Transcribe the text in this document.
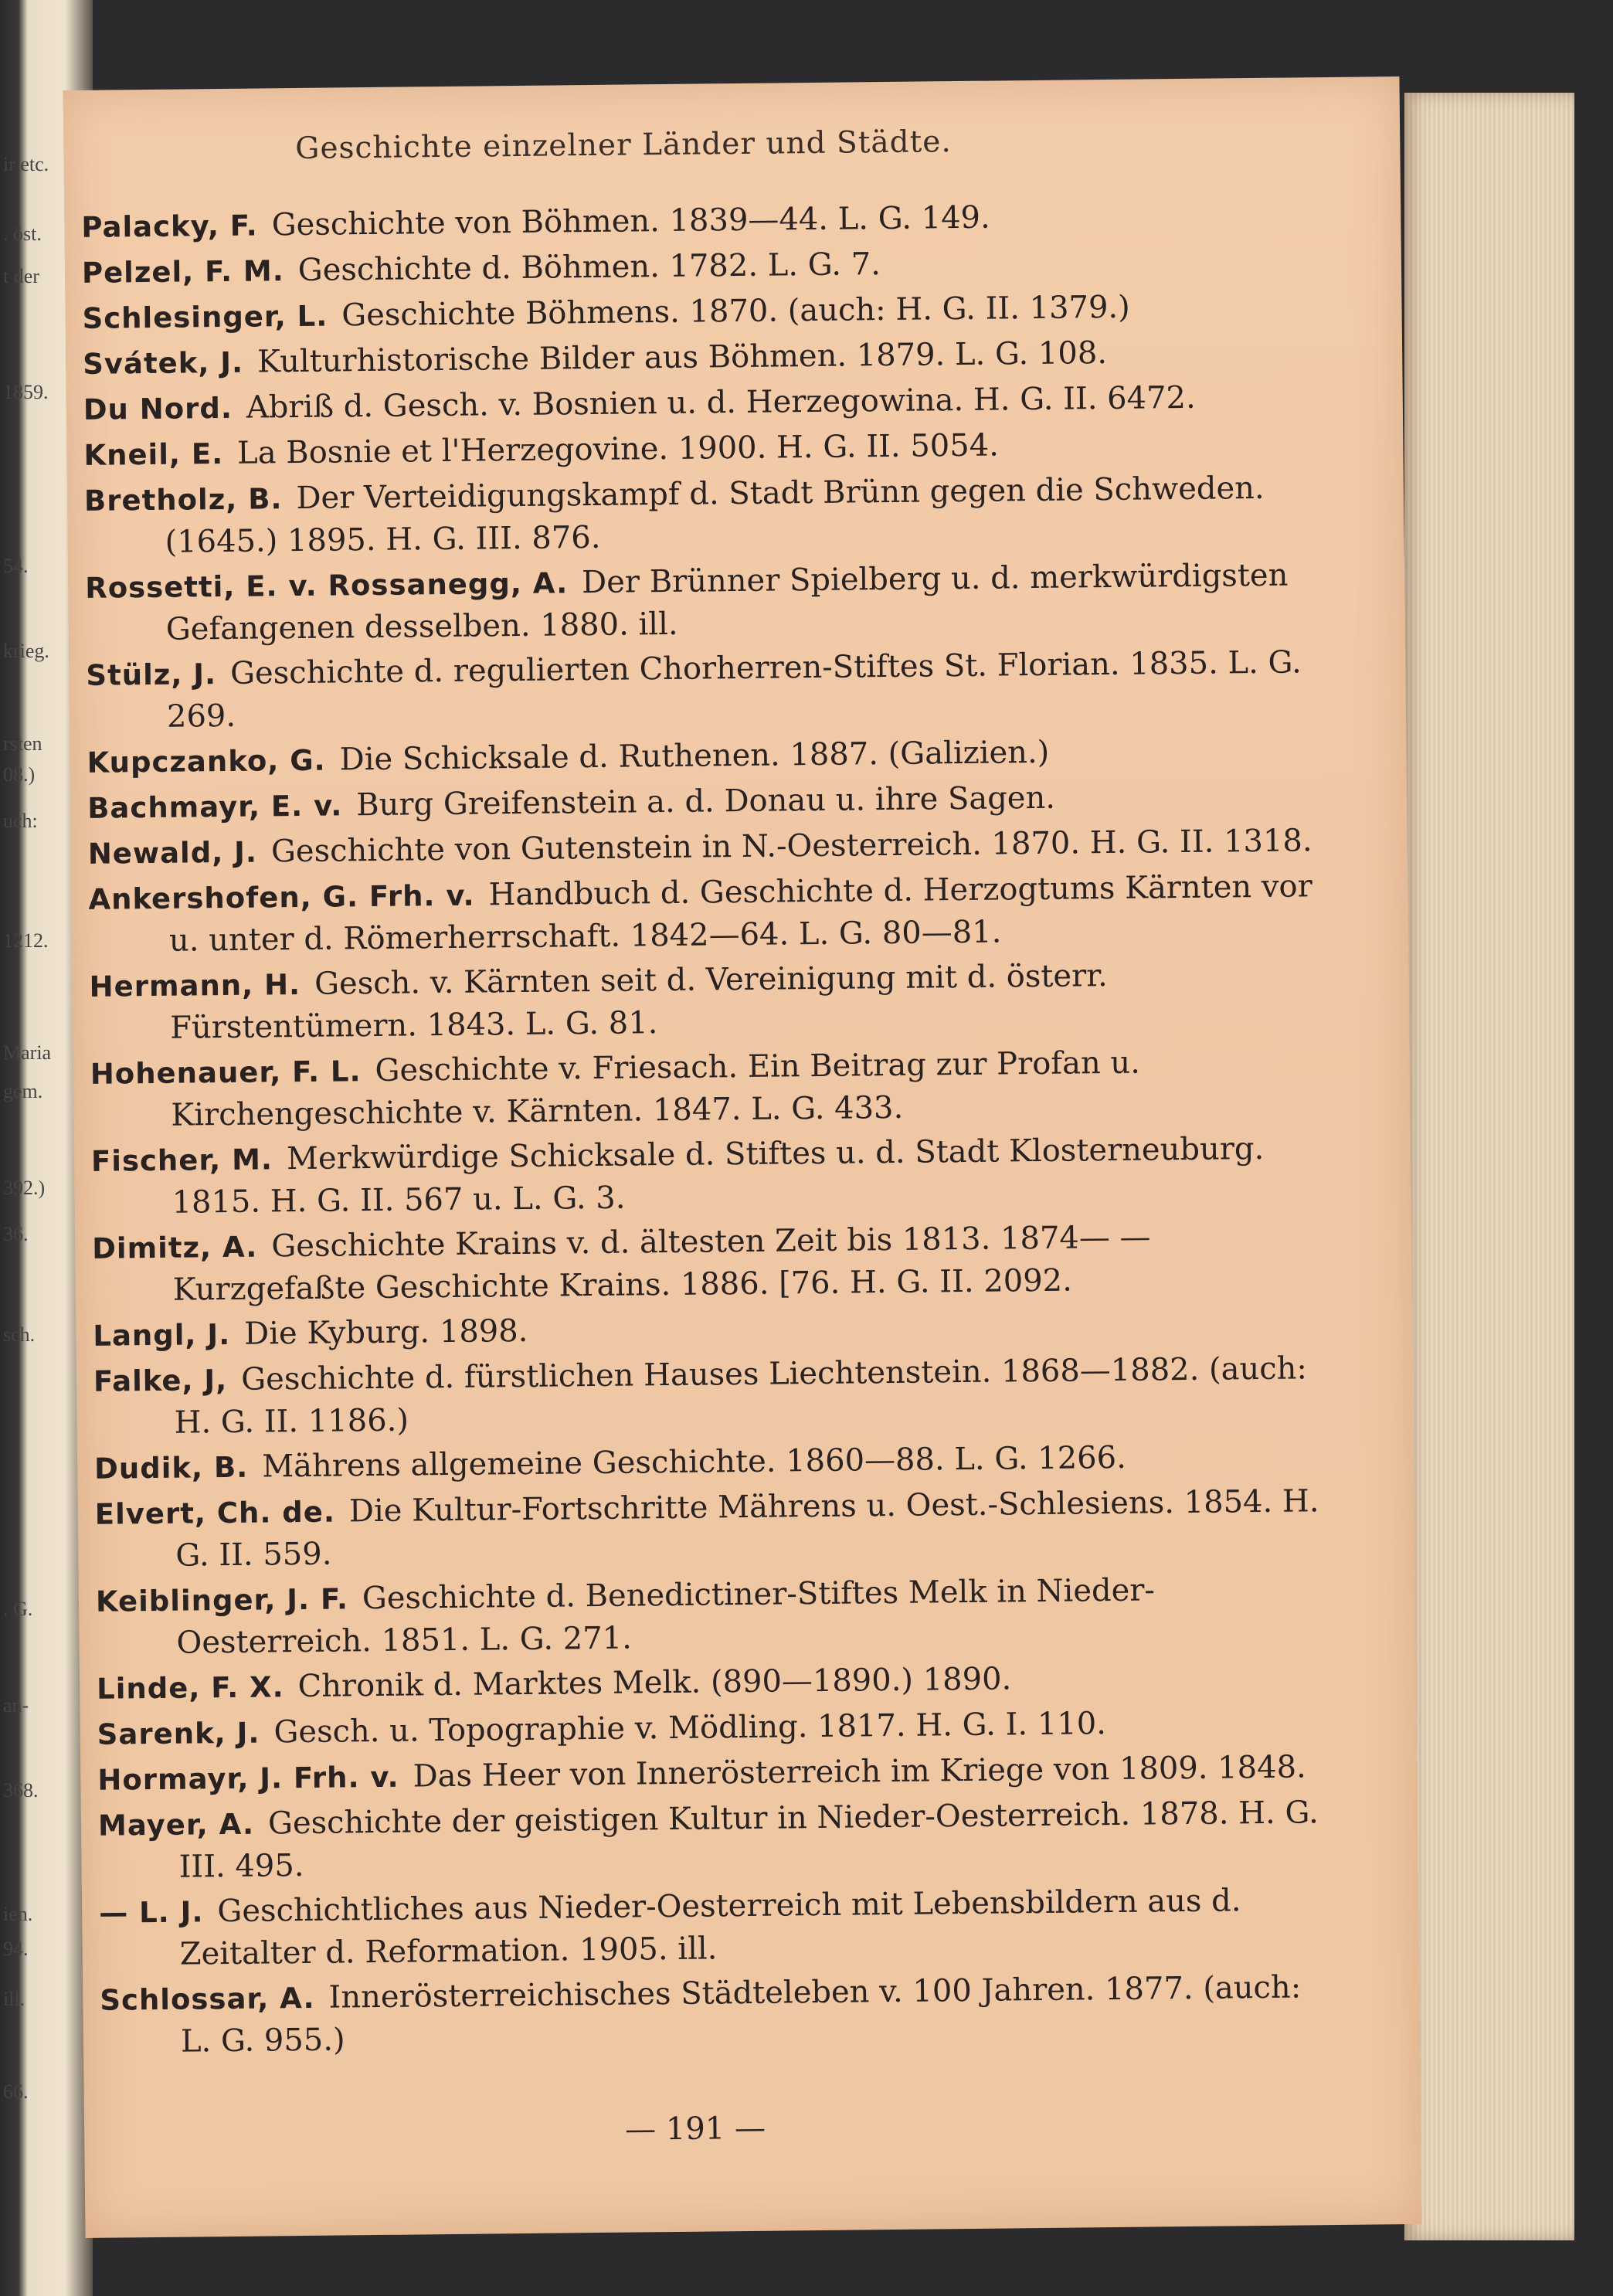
ir etc.
. öst.
t der
1859.
54.
krieg.
rsten
08.)
uch:
1212.
Maria
gem.
392.)
36.
sch.
. G.
an-
368.
ien.
94.
ill.
66.
Geschichte einzelner Länder und Städte.
Palacky, F. Geschichte von Böhmen. 1839—44. L. G. 149.
Pelzel, F. M. Geschichte d. Böhmen. 1782. L. G. 7.
Schlesinger, L. Geschichte Böhmens. 1870. (auch: H. G. II. 1379.)
Svátek, J. Kulturhistorische Bilder aus Böhmen. 1879. L. G. 108.
Du Nord. Abriß d. Gesch. v. Bosnien u. d. Herzegowina. H. G. II. 6472.
Kneil, E. La Bosnie et l'Herzegovine. 1900. H. G. II. 5054.
Bretholz, B. Der Verteidigungskampf d. Stadt Brünn gegen die Schweden. (1645.) 1895. H. G. III. 876.
Rossetti, E. v. Rossanegg, A. Der Brünner Spielberg u. d. merkwürdigsten Gefangenen desselben. 1880. ill.
Stülz, J. Geschichte d. regulierten Chorherren-Stiftes St. Florian. 1835. L. G. 269.
Kupczanko, G. Die Schicksale d. Ruthenen. 1887. (Galizien.)
Bachmayr, E. v. Burg Greifenstein a. d. Donau u. ihre Sagen.
Newald, J. Geschichte von Gutenstein in N.-Oesterreich. 1870. H. G. II. 1318.
Ankershofen, G. Frh. v. Handbuch d. Geschichte d. Herzogtums Kärnten vor u. unter d. Römerherrschaft. 1842—64. L. G. 80—81.
Hermann, H. Gesch. v. Kärnten seit d. Vereinigung mit d. österr. Fürstentümern. 1843. L. G. 81.
Hohenauer, F. L. Geschichte v. Friesach. Ein Beitrag zur Profan u. Kirchengeschichte v. Kärnten. 1847. L. G. 433.
Fischer, M. Merkwürdige Schicksale d. Stiftes u. d. Stadt Klosterneuburg. 1815. H. G. II. 567 u. L. G. 3.
Dimitz, A. Geschichte Krains v. d. ältesten Zeit bis 1813. 1874— — Kurzgefaßte Geschichte Krains. 1886. [76. H. G. II. 2092.
Langl, J. Die Kyburg. 1898.
Falke, J, Geschichte d. fürstlichen Hauses Liechtenstein. 1868—1882. (auch: H. G. II. 1186.)
Dudik, B. Mährens allgemeine Geschichte. 1860—88. L. G. 1266.
Elvert, Ch. de. Die Kultur-Fortschritte Mährens u. Oest.-Schlesiens. 1854. H. G. II. 559.
Keiblinger, J. F. Geschichte d. Benedictiner-Stiftes Melk in Nieder-Oesterreich. 1851. L. G. 271.
Linde, F. X. Chronik d. Marktes Melk. (890—1890.) 1890.
Sarenk, J. Gesch. u. Topographie v. Mödling. 1817. H. G. I. 110.
Hormayr, J. Frh. v. Das Heer von Innerösterreich im Kriege von 1809. 1848.
Mayer, A. Geschichte der geistigen Kultur in Nieder-Oesterreich. 1878. H. G. III. 495.
— L. J. Geschichtliches aus Nieder-Oesterreich mit Lebensbildern aus d. Zeitalter d. Reformation. 1905. ill.
Schlossar, A. Innerösterreichisches Städteleben v. 100 Jahren. 1877. (auch: L. G. 955.)
— 191 —
